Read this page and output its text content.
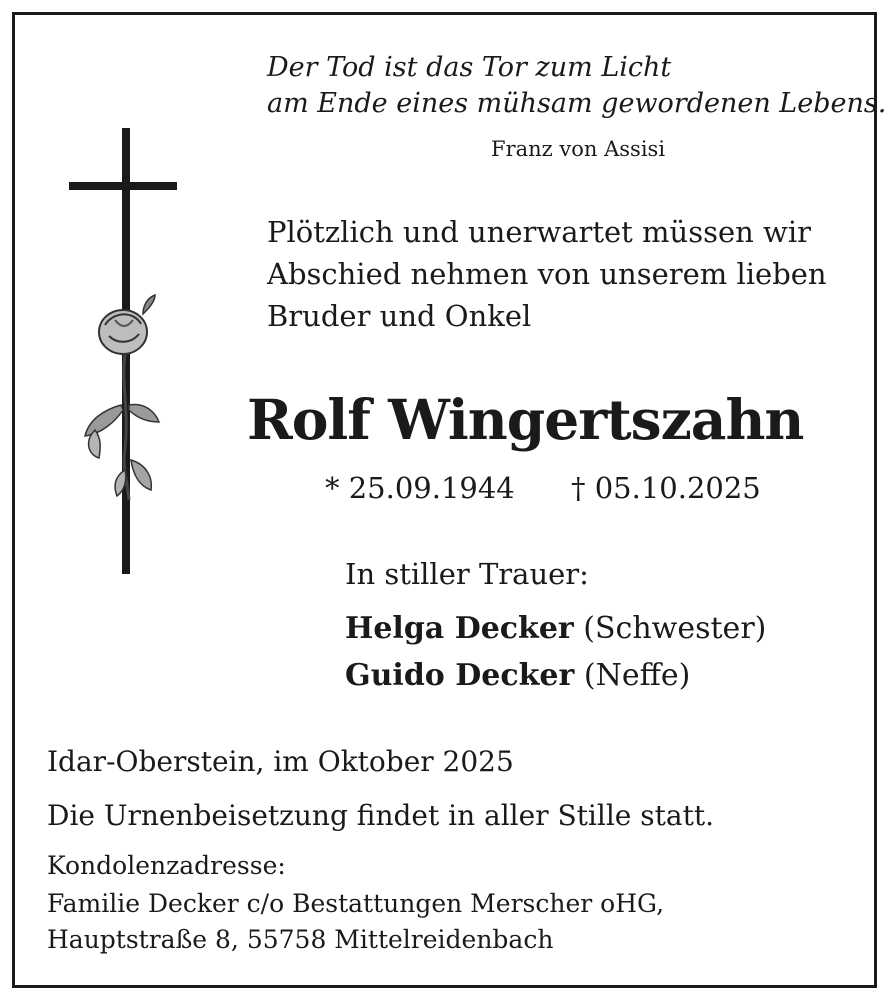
Der Tod ist das Tor zum Licht
am Ende eines mühsam gewordenen Lebens.
Franz von Assisi
Plötzlich und unerwartet müssen wir
Abschied nehmen von unserem lieben
Bruder und Onkel
Rolf Wingertszahn
* 25.09.1944 † 05.10.2025
In stiller Trauer:
Helga Decker (Schwester)
Guido Decker (Neffe)
Idar-Oberstein, im Oktober 2025
Die Urnenbeisetzung findet in aller Stille statt.
Kondolenzadresse:
Familie Decker c/o Bestattungen Merscher oHG,
Hauptstraße 8, 55758 Mittelreidenbach
